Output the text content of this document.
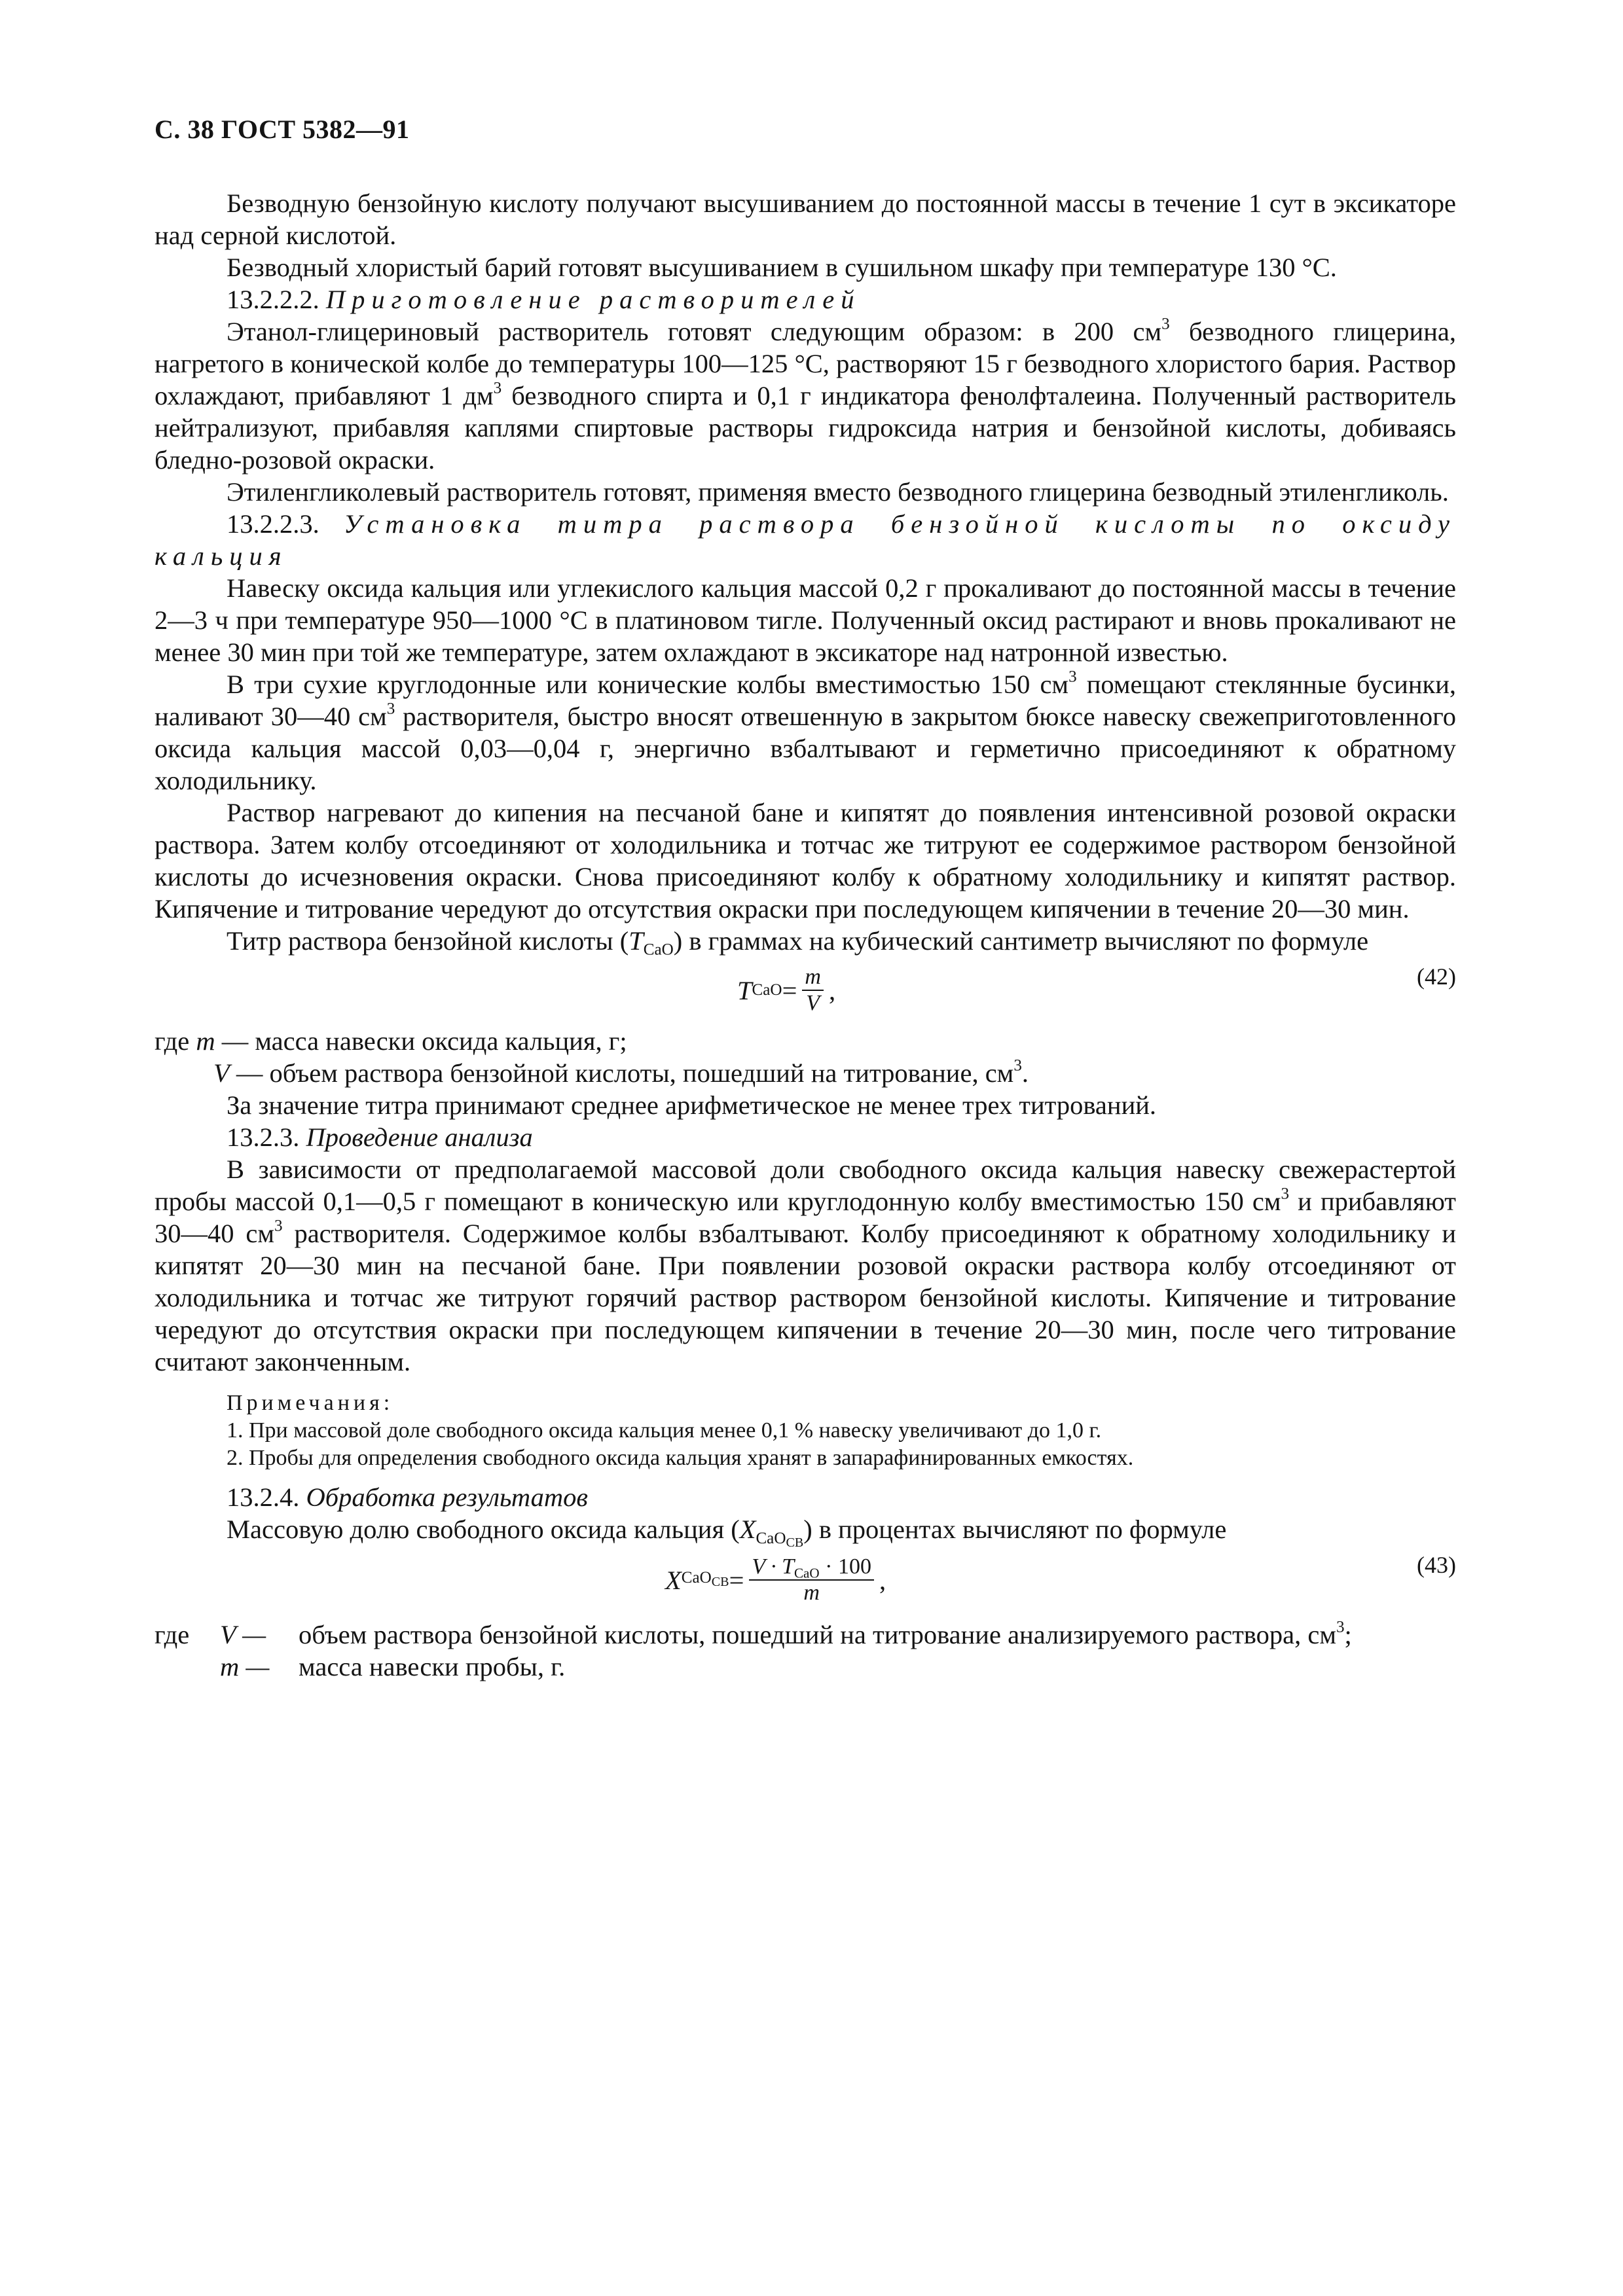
С. 38 ГОСТ 5382—91

Безводную бензойную кислоту получают высушиванием до постоянной массы в течение 1 сут в эксикаторе над серной кислотой.

Безводный хлористый барий готовят высушиванием в сушильном шкафу при температуре 130 °С.

13.2.2.2. Приготовление растворителей

Этанол-глицериновый растворитель готовят следующим образом: в 200 $см^3$ безводного глицерина, нагретого в конической колбе до температуры 100—125 °С, растворяют 15 г безводного хлористого бария. Раствор охлаждают, прибавляют 1 $дм^3$ безводного спирта и 0,1 г индикатора фенолфталеина. Полученный растворитель нейтрализуют, прибавляя каплями спиртовые растворы гидроксида натрия и бензойной кислоты, добиваясь бледно-розовой окраски.

Этиленгликолевый растворитель готовят, применяя вместо безводного глицерина безводный этиленгликоль.

13.2.2.3. Установка титра раствора бензойной кислоты по оксиду кальция

Навеску оксида кальция или углекислого кальция массой 0,2 г прокаливают до постоянной массы в течение 2—3 ч при температуре 950—1000 °С в платиновом тигле. Полученный оксид растирают и вновь прокаливают не менее 30 мин при той же температуре, затем охлаждают в эксикаторе над натронной известью.

В три сухие круглодонные или конические колбы вместимостью 150 $см^3$ помещают стеклянные бусинки, наливают 30—40 $см^3$ растворителя, быстро вносят отвешенную в закрытом бюксе навеску свежеприготовленного оксида кальция массой 0,03—0,04 г, энергично взбалтывают и герметично присоединяют к обратному холодильнику.

Раствор нагревают до кипения на песчаной бане и кипятят до появления интенсивной розовой окраски раствора. Затем колбу отсоединяют от холодильника и тотчас же титруют ее содержимое раствором бензойной кислоты до исчезновения окраски. Снова присоединяют колбу к обратному холодильнику и кипятят раствор. Кипячение и титрование чередуют до отсутствия окраски при последующем кипячении в течение 20—30 мин.

Титр раствора бензойной кислоты $(T_{CaO})$ в граммах на кубический сантиметр вычисляют по формуле

T CaO = $\frac{m}{V}$ ,	(42)
где m — масса навески оксида кальция, г;
V — объем раствора бензойной кислоты, пошедший на титрование, $см^3$.

За значение титра принимают среднее арифметическое не менее трех титрований.

13.2.3. Проведение анализа

В зависимости от предполагаемой массовой доли свободного оксида кальция навеску свежерастертой пробы массой 0,1—0,5 г помещают в коническую или круглодонную колбу вместимостью 150 $см^3$ и прибавляют 30—40 $см^3$ растворителя. Содержимое колбы взбалтывают. Колбу присоединяют к обратному холодильнику и кипятят 20—30 мин на песчаной бане. При появлении розовой окраски раствора колбу отсоединяют от холодильника и тотчас же титруют горячий раствор раствором бензойной кислоты. Кипячение и титрование чередуют до отсутствия окраски при последующем кипячении в течение 20—30 мин, после чего титрование считают законченным.

Примечания:
1. При массовой доле свободного оксида кальция менее 0,1 % навеску увеличивают до 1,0 г.
2. Пробы для определения свободного оксида кальция хранят в запарафинированных емкостях.

13.2.4. Обработка результатов

Массовую долю свободного оксида кальция $(X_{CaO_{СВ}})$ в процентах вычисляют по формуле

X $CaO_{СВ} = \frac{V \cdot T_{CaO} \cdot 100}{m}$ ,
(43)
где	V —	объем раствора бензойной кислоты, пошедший на титрование анализируемого раствора, $см^3$;
m —	масса навески пробы, г.
